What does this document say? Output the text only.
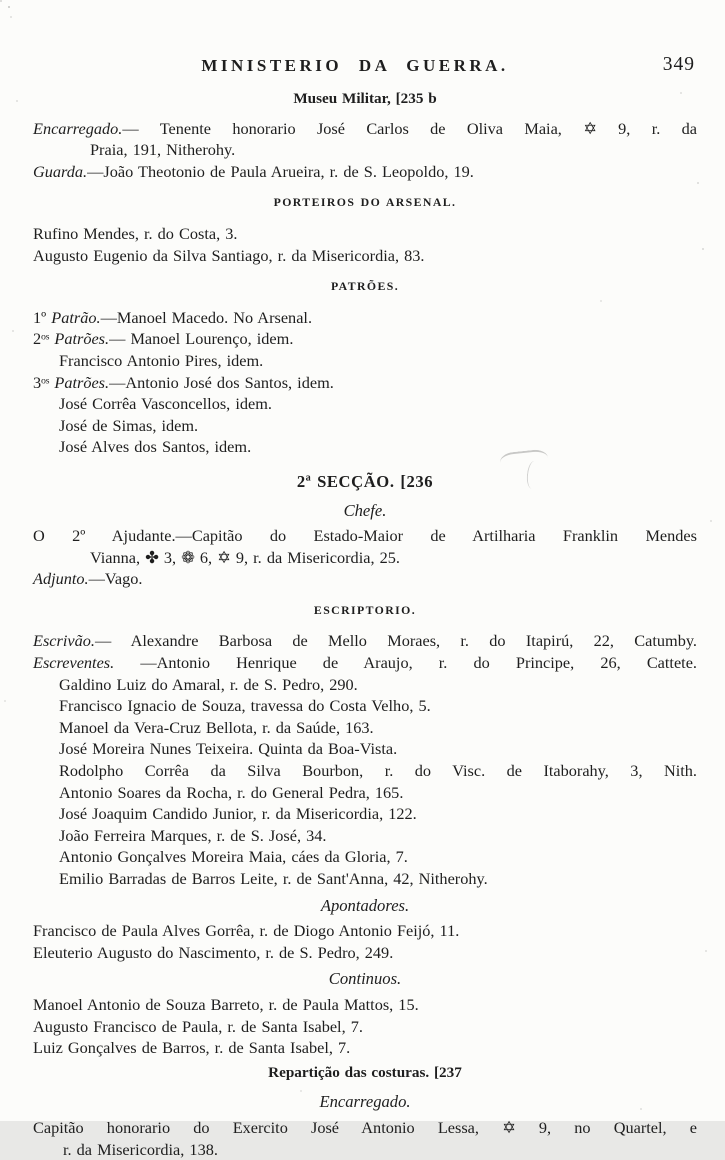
349
MINISTERIO DA GUERRA.
Museu Militar, [235 b
Encarregado.— Tenente honorario José Carlos de Oliva Maia, ✡ 9, r. da
Praia, 191, Nitherohy.
Guarda.—João Theotonio de Paula Arueira, r. de S. Leopoldo, 19.
PORTEIROS DO ARSENAL.
Rufino Mendes, r. do Costa, 3.
Augusto Eugenio da Silva Santiago, r. da Misericordia, 83.
PATRÕES.
1º Patrão.—Manoel Macedo. No Arsenal.
2ᵒˢ Patrões.— Manoel Lourenço, idem.
Francisco Antonio Pires, idem.
3ᵒˢ Patrões.—Antonio José dos Santos, idem.
José Corrêa Vasconcellos, idem.
José de Simas, idem.
José Alves dos Santos, idem.
2ª SECÇÃO. [236
Chefe.
O 2º Ajudante.—Capitão do Estado-Maior de Artilharia Franklin Mendes
Vianna, ✤ 3, ❁ 6, ✡ 9, r. da Misericordia, 25.
Adjunto.—Vago.
ESCRIPTORIO.
Escrivão.— Alexandre Barbosa de Mello Moraes, r. do Itapirú, 22, Catumby.
Escreventes. —Antonio Henrique de Araujo, r. do Principe, 26, Cattete.
Galdino Luiz do Amaral, r. de S. Pedro, 290.
Francisco Ignacio de Souza, travessa do Costa Velho, 5.
Manoel da Vera-Cruz Bellota, r. da Saúde, 163.
José Moreira Nunes Teixeira. Quinta da Boa-Vista.
Rodolpho Corrêa da Silva Bourbon, r. do Visc. de Itaborahy, 3, Nith.
Antonio Soares da Rocha, r. do General Pedra, 165.
José Joaquim Candido Junior, r. da Misericordia, 122.
João Ferreira Marques, r. de S. José, 34.
Antonio Gonçalves Moreira Maia, cáes da Gloria, 7.
Emilio Barradas de Barros Leite, r. de Sant'Anna, 42, Nitherohy.
Apontadores.
Francisco de Paula Alves Gorrêa, r. de Diogo Antonio Feijó, 11.
Eleuterio Augusto do Nascimento, r. de S. Pedro, 249.
Continuos.
Manoel Antonio de Souza Barreto, r. de Paula Mattos, 15.
Augusto Francisco de Paula, r. de Santa Isabel, 7.
Luiz Gonçalves de Barros, r. de Santa Isabel, 7.
Repartição das costuras. [237
Encarregado.
Capitão honorario do Exercito José Antonio Lessa, ✡ 9, no Quartel, e
r. da Misericordia, 138.
